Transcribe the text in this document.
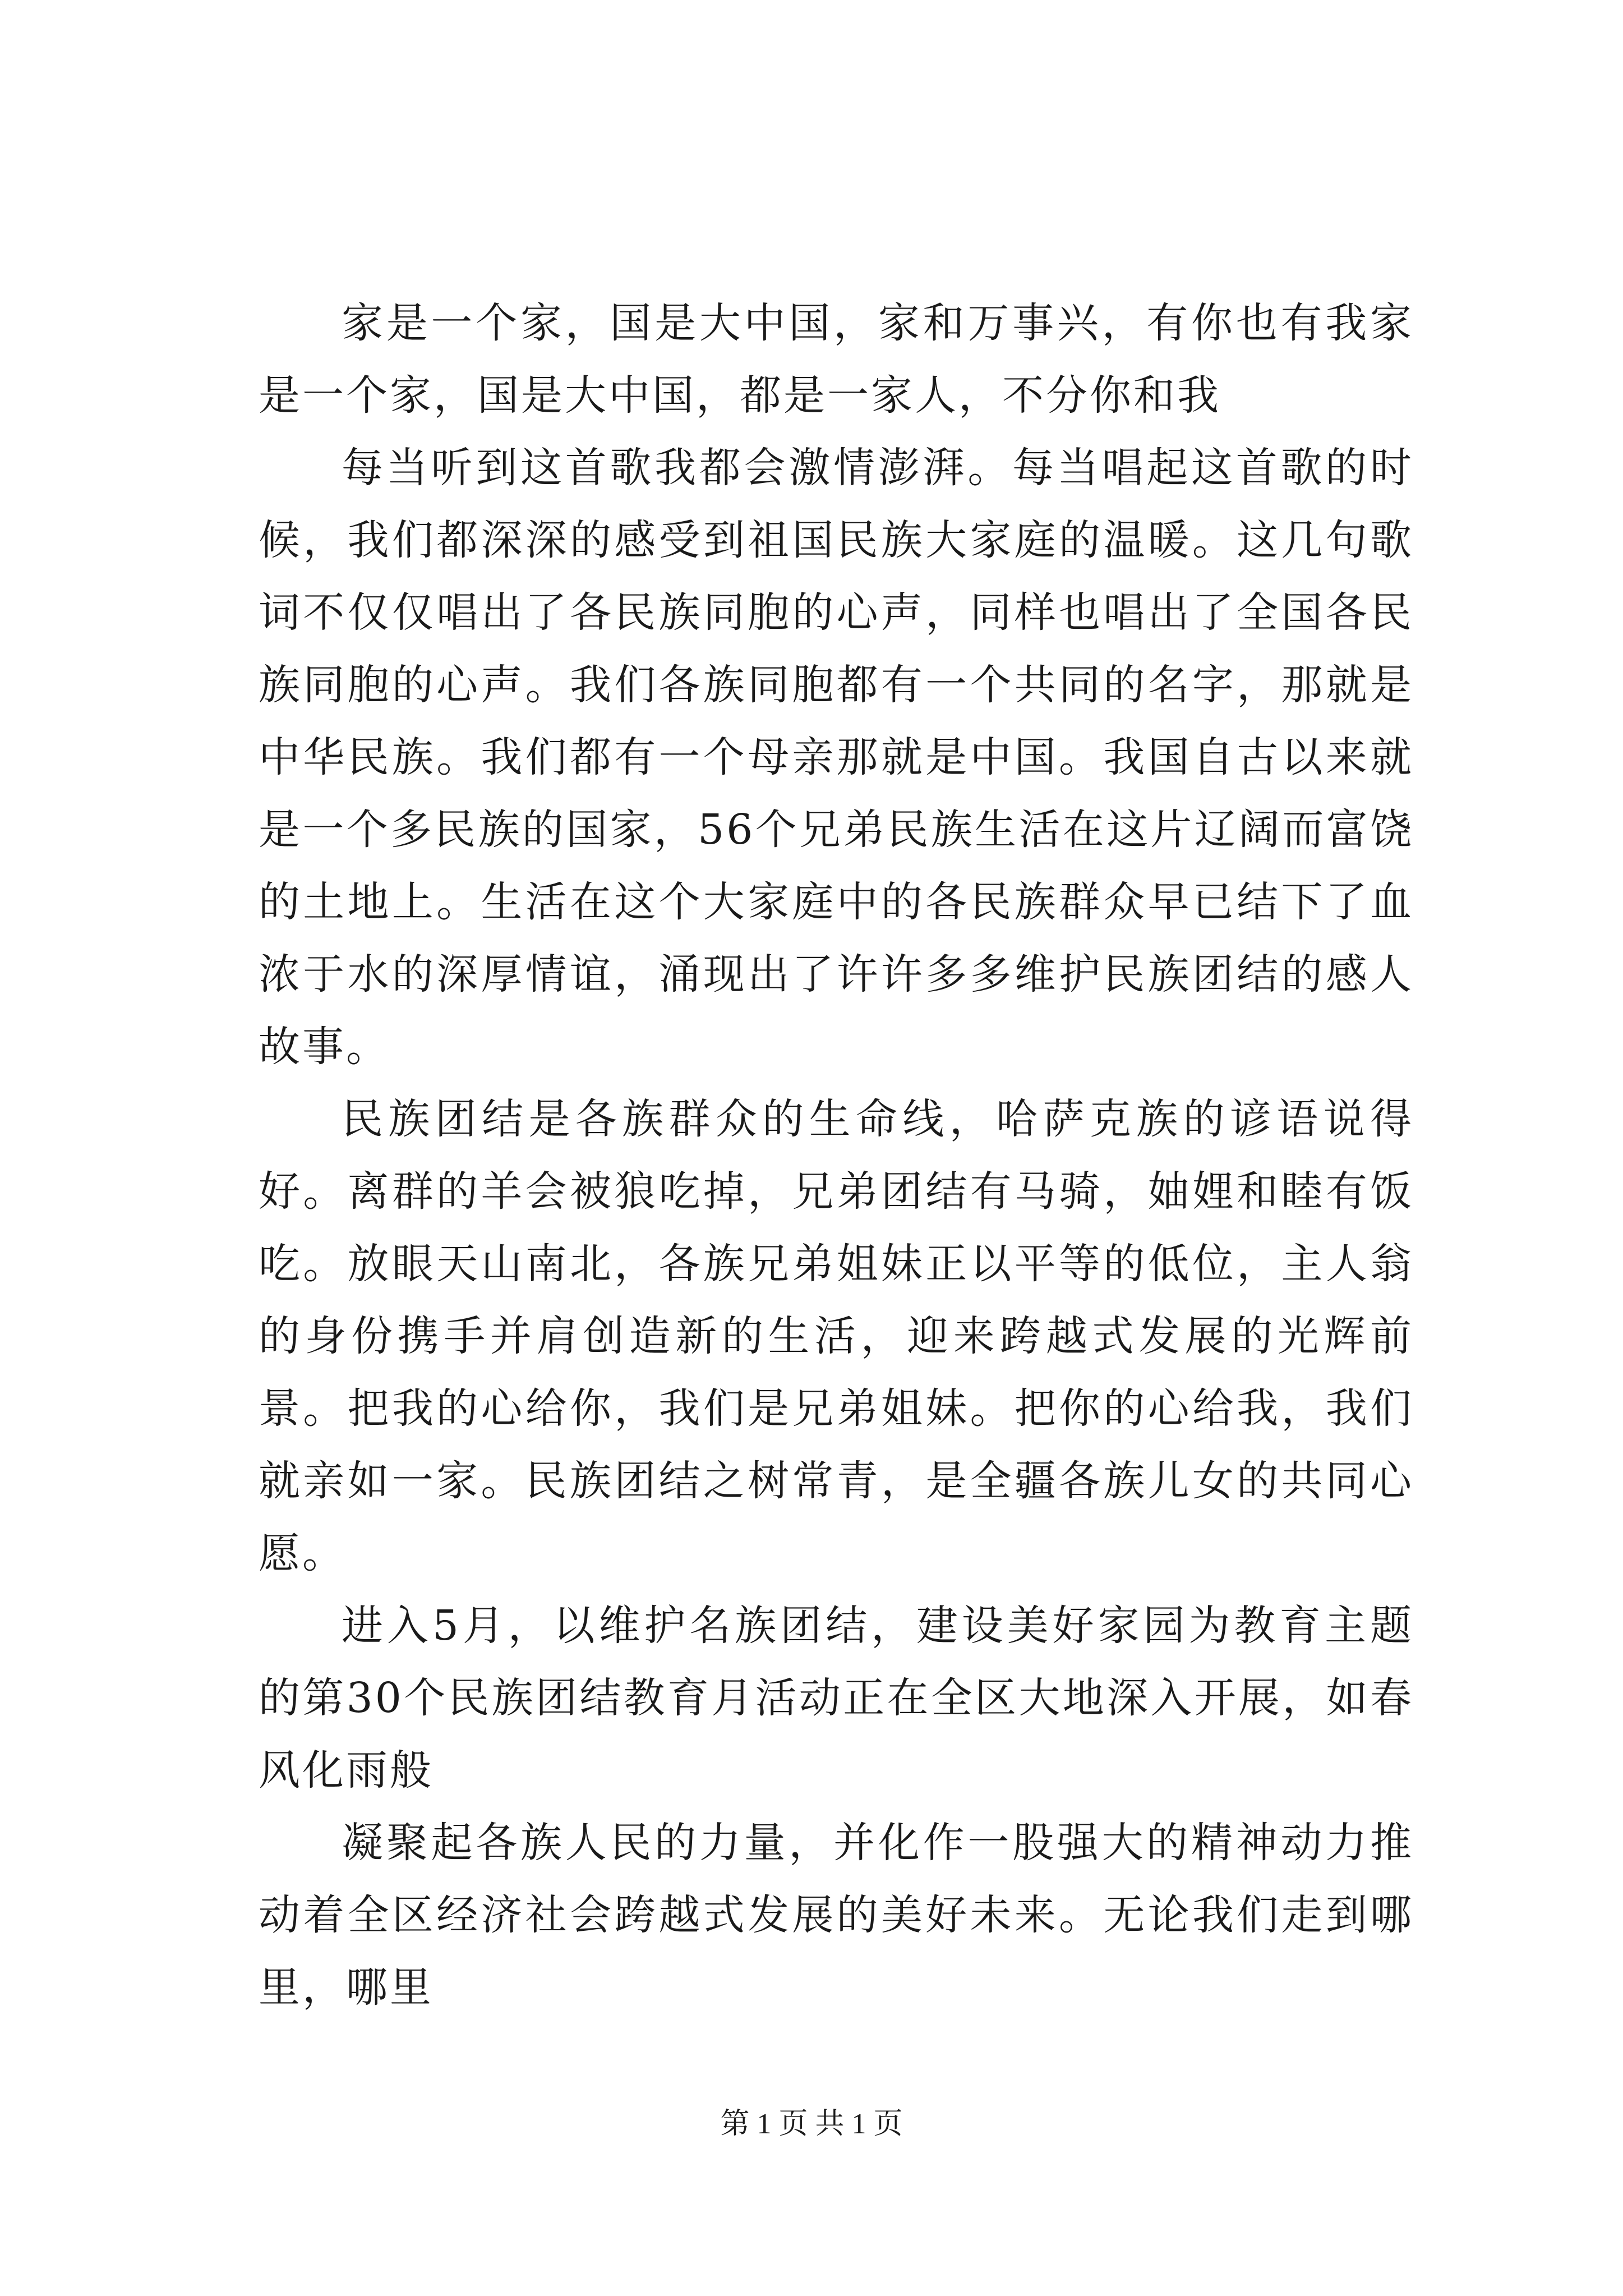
家是一个家，国是大中国，家和万事兴，有你也有我家是一个家，国是大中国，都是一家人，不分你和我

每当听到这首歌我都会激情澎湃。每当唱起这首歌的时候，我们都深深的感受到祖国民族大家庭的温暖。这几句歌词不仅仅唱出了各民族同胞的心声，同样也唱出了全国各民族同胞的心声。我们各族同胞都有一个共同的名字，那就是中华民族。我们都有一个母亲那就是中国。我国自古以来就是一个多民族的国家，56个兄弟民族生活在这片辽阔而富饶的土地上。生活在这个大家庭中的各民族群众早已结下了血浓于水的深厚情谊，涌现出了许许多多维护民族团结的感人故事。

民族团结是各族群众的生命线，哈萨克族的谚语说得好。离群的羊会被狼吃掉，兄弟团结有马骑，妯娌和睦有饭吃。放眼天山南北，各族兄弟姐妹正以平等的低位，主人翁的身份携手并肩创造新的生活，迎来跨越式发展的光辉前景。把我的心给你，我们是兄弟姐妹。把你的心给我，我们就亲如一家。民族团结之树常青，是全疆各族儿女的共同心愿。

进入5月，以维护名族团结，建设美好家园为教育主题的第30个民族团结教育月活动正在全区大地深入开展，如春风化雨般

凝聚起各族人民的力量，并化作一股强大的精神动力推动着全区经济社会跨越式发展的美好未来。无论我们走到哪里，哪里

第 1 页 共 1 页
